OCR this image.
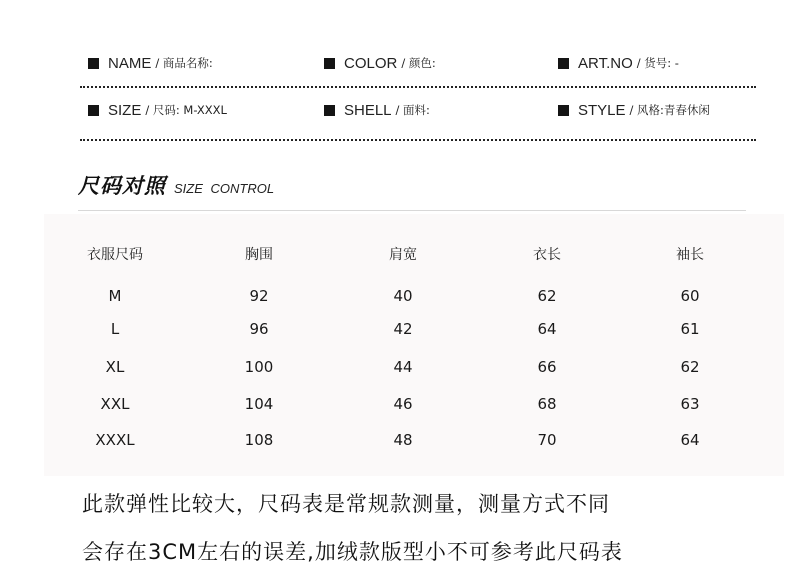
NAME / 商品名称:	COLOR / 颜色:	ART.NO / 货号: -
SIZE / 尺码: M-XXXL	SHELL / 面料:	STYLE / 风格:青春休闲
尺码对照 SIZE CONTROL
衣服尺码	胸围	肩宽	衣长	袖长
M	92	40	62	60
L	96	42	64	61
XL	100	44	66	62
XXL	104	46	68	63
XXXL	108	48	70	64
此款弹性比较大，尺码表是常规款测量，测量方式不同
会存在3CM左右的误差,加绒款版型小不可参考此尺码表
